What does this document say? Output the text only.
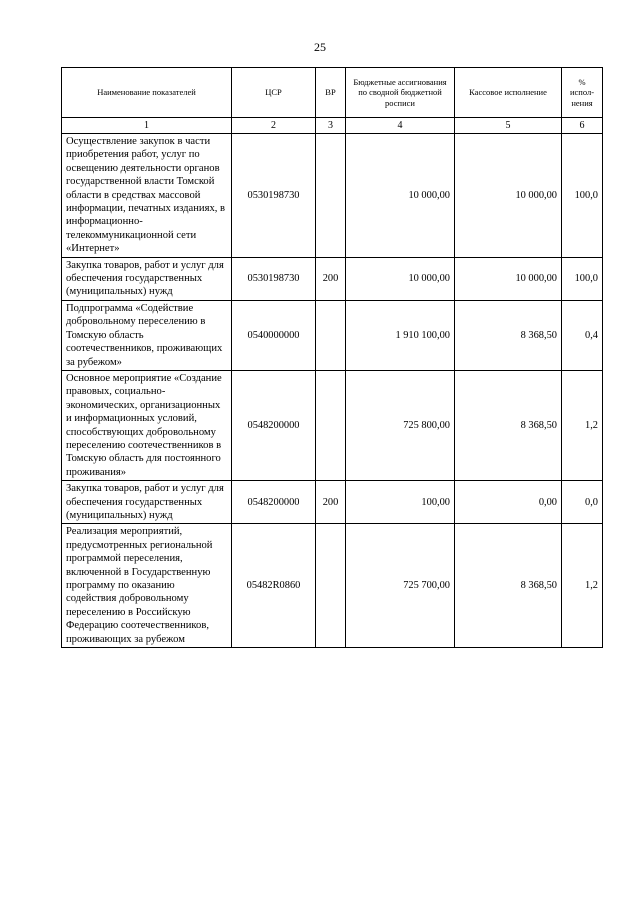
25
Наименование показателей	ЦСР	ВР	Бюджетные ассигнования по сводной бюджетной росписи	Кассовое исполнение	% испол-нения
1	2	3	4	5	6
Осуществление закупок в части приобретения работ, услуг по освещению деятельности органов государственной власти Томской области в средствах массовой информации, печатных изданиях, в информационно-телекоммуникационной сети «Интернет»	0530198730		10 000,00	10 000,00	100,0
Закупка товаров, работ и услуг для обеспечения государственных (муниципальных) нужд	0530198730	200	10 000,00	10 000,00	100,0
Подпрограмма «Содействие добровольному переселению в Томскую область соотечественников, проживающих за рубежом»	0540000000		1 910 100,00	8 368,50	0,4
Основное мероприятие «Создание правовых, социально-экономических, организационных и информационных условий, способствующих добровольному переселению соотечественников в Томскую область для постоянного проживания»	0548200000		725 800,00	8 368,50	1,2
Закупка товаров, работ и услуг для обеспечения государственных (муниципальных) нужд	0548200000	200	100,00	0,00	0,0
Реализация мероприятий, предусмотренных региональной программой переселения, включенной в Государственную программу по оказанию содействия добровольному переселению в Российскую Федерацию соотечественников, проживающих за рубежом	05482R0860		725 700,00	8 368,50	1,2
